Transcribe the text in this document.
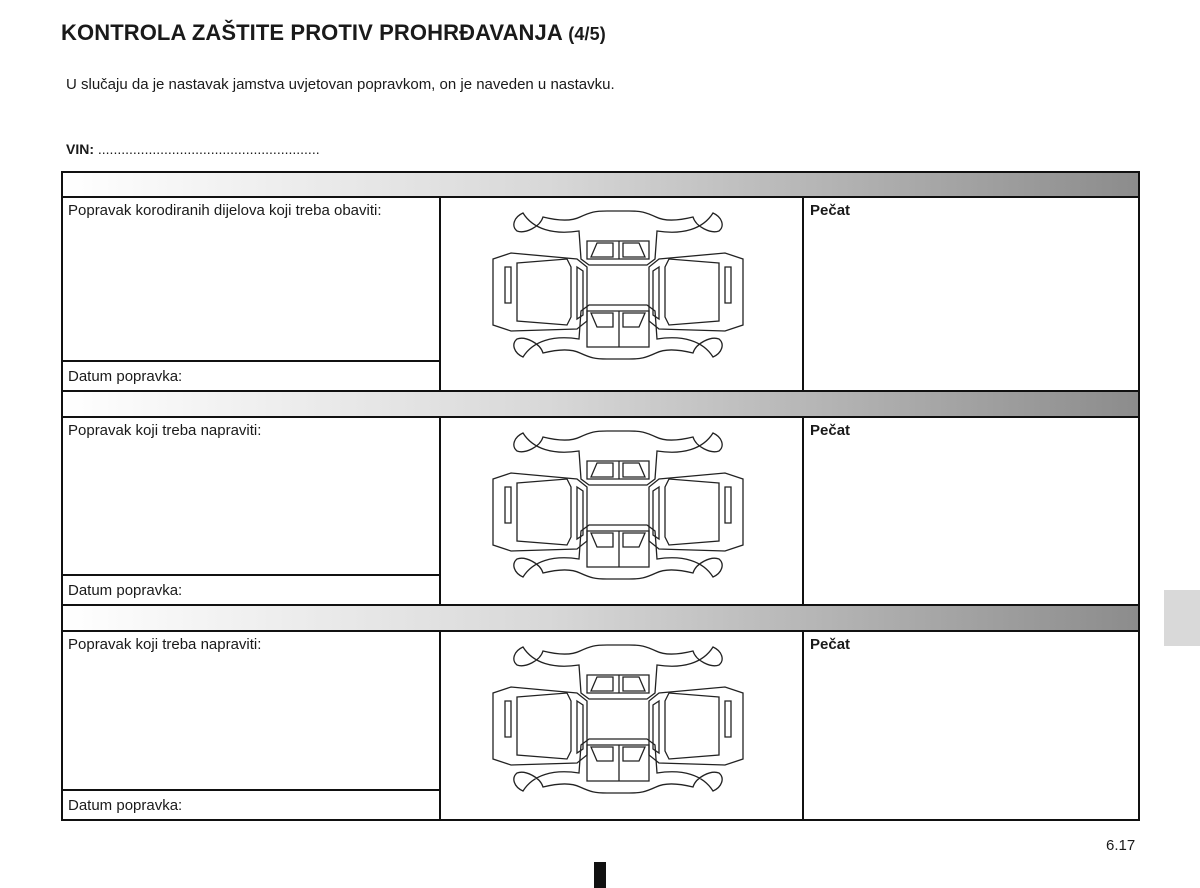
KONTROLA ZAŠTITE PROTIV PROHRĐAVANJA (4/5)
U slučaju da je nastavak jamstva uvjetovan popravkom, on je naveden u nastavku.
VIN: .........................................................
Popravak korodiranih dijelova koji treba obaviti:
Datum popravka:
Pečat
Popravak koji treba napraviti:
Datum popravka:
Pečat
Popravak koji treba napraviti:
Datum popravka:
Pečat
6.17
